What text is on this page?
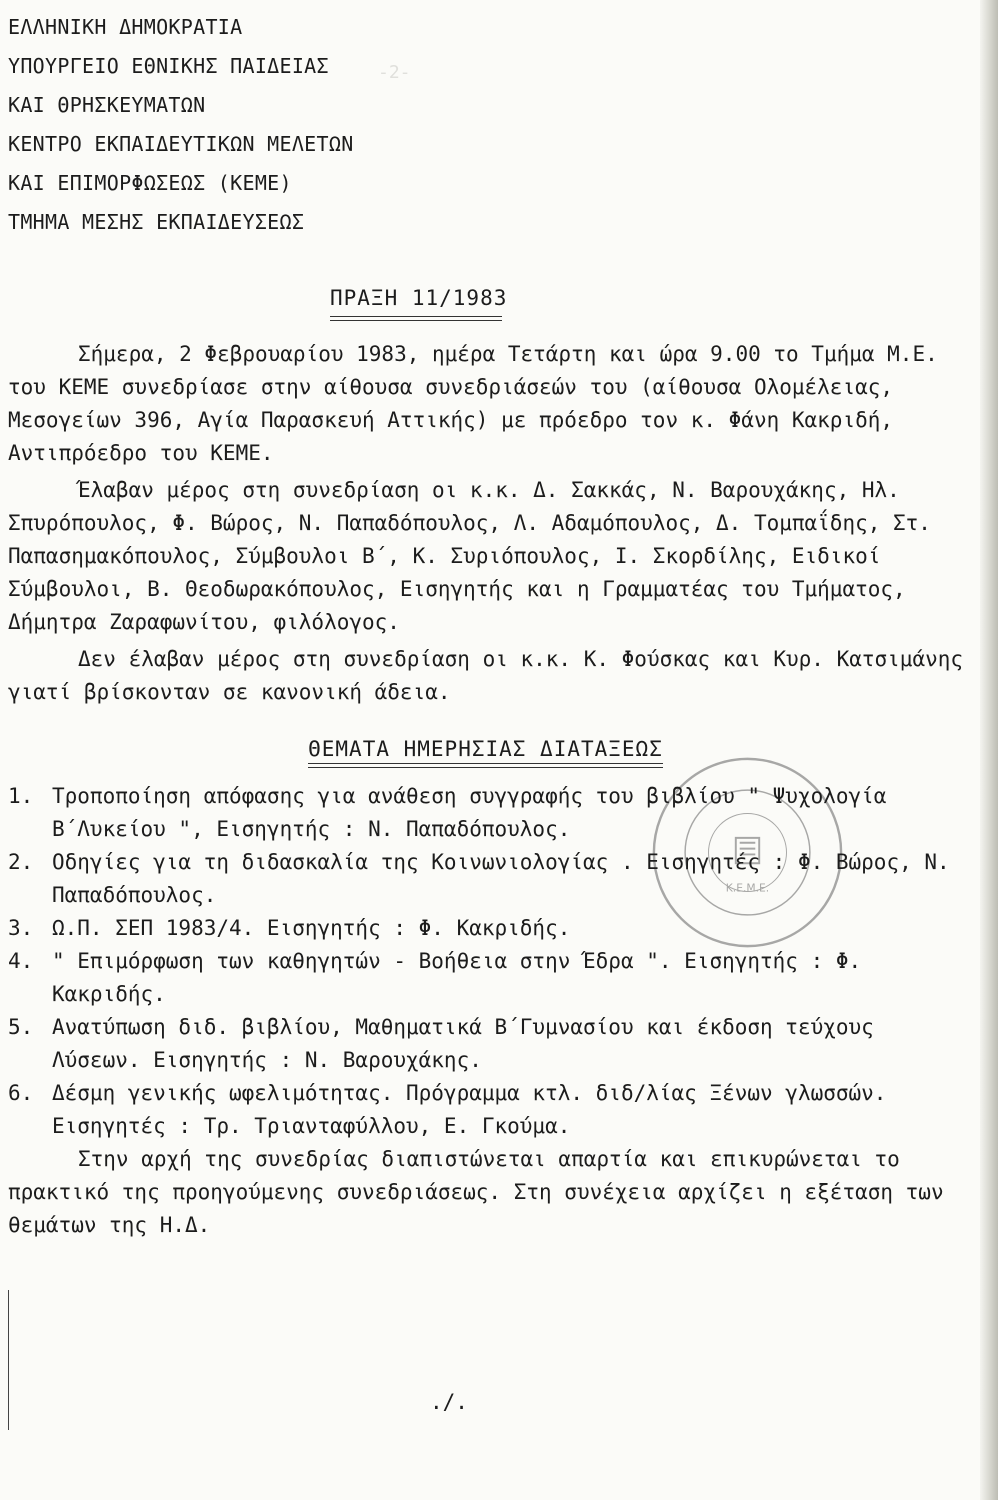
-2-
ΕΛΛΗΝΙΚΗ ΔΗΜΟΚΡΑΤΙΑ
ΥΠΟΥΡΓΕΙΟ ΕΘΝΙΚΗΣ ΠΑΙΔΕΙΑΣ
ΚΑΙ ΘΡΗΣΚΕΥΜΑΤΩΝ
ΚΕΝΤΡΟ ΕΚΠΑΙΔΕΥΤΙΚΩΝ ΜΕΛΕΤΩΝ
ΚΑΙ ΕΠΙΜΟΡΦΩΣΕΩΣ (ΚΕΜΕ)
ΤΜΗΜΑ ΜΕΣΗΣ ΕΚΠΑΙΔΕΥΣΕΩΣ
ΠΡΑΞΗ 11/1983

Σήμερα, 2 Φεβρουαρίου 1983, ημέρα Τετάρτη και ώρα 9.00 το Τμήμα Μ.Ε. του ΚΕΜΕ συνεδρίασε στην αίθουσα συνεδριάσεών του (αίθουσα Ολομέλειας, Μεσογείων 396, Αγία Παρασκευή Αττικής) με πρόεδρο τον κ. Φάνη Κακριδή, Αντιπρόεδρο του ΚΕΜΕ.

Έλαβαν μέρος στη συνεδρίαση οι κ.κ. Δ. Σακκάς, Ν. Βαρουχάκης, Ηλ. Σπυρόπουλος, Φ. Βώρος, Ν. Παπαδόπουλος, Λ. Αδαμόπουλος, Δ. Τομπαΐδης, Στ. Παπασημακόπουλος, Σύμβουλοι Β΄, Κ. Συριόπουλος, Ι. Σκορδίλης, Ειδικοί Σύμβουλοι, Β. Θεοδωρακόπουλος, Εισηγητής και η Γραμματέας του Τμήματος, Δήμητρα Ζαραφωνίτου, φιλόλογος.

Δεν έλαβαν μέρος στη συνεδρίαση οι κ.κ. Κ. Φούσκας και Κυρ. Κατσιμάνης γιατί βρίσκονταν σε κανονική άδεια.

ΘΕΜΑΤΑ ΗΜΕΡΗΣΙΑΣ ΔΙΑΤΑΞΕΩΣ
1. Τροποποίηση απόφασης για ανάθεση συγγραφής του βιβλίου " Ψυχολογία Β΄Λυκείου ", Εισηγητής : Ν. Παπαδόπουλος.
2. Οδηγίες για τη διδασκαλία της Κοινωνιολογίας . Εισηγητές : Φ. Βώρος, Ν. Παπαδόπουλος.
3. Ω.Π. ΣΕΠ 1983/4. Εισηγητής : Φ. Κακριδής.
4. " Επιμόρφωση των καθηγητών - Βοήθεια στην Έδρα ". Εισηγητής : Φ. Κακριδής.
5. Ανατύπωση διδ. βιβλίου, Μαθηματικά Β΄Γυμνασίου και έκδοση τεύχους Λύσεων. Εισηγητής : Ν. Βαρουχάκης.
6. Δέσμη γενικής ωφελιμότητας. Πρόγραμμα κτλ. διδ/λίας Ξένων γλωσσών. Εισηγητές : Τρ. Τριανταφύλλου, Ε. Γκούμα.

Στην αρχή της συνεδρίας διαπιστώνεται απαρτία και επικυρώνεται το πρακτικό της προηγούμενης συνεδριάσεως. Στη συνέχεια αρχίζει η εξέταση των θεμάτων της Η.Δ.

./.
Κ.Ε.Μ.Ε.
